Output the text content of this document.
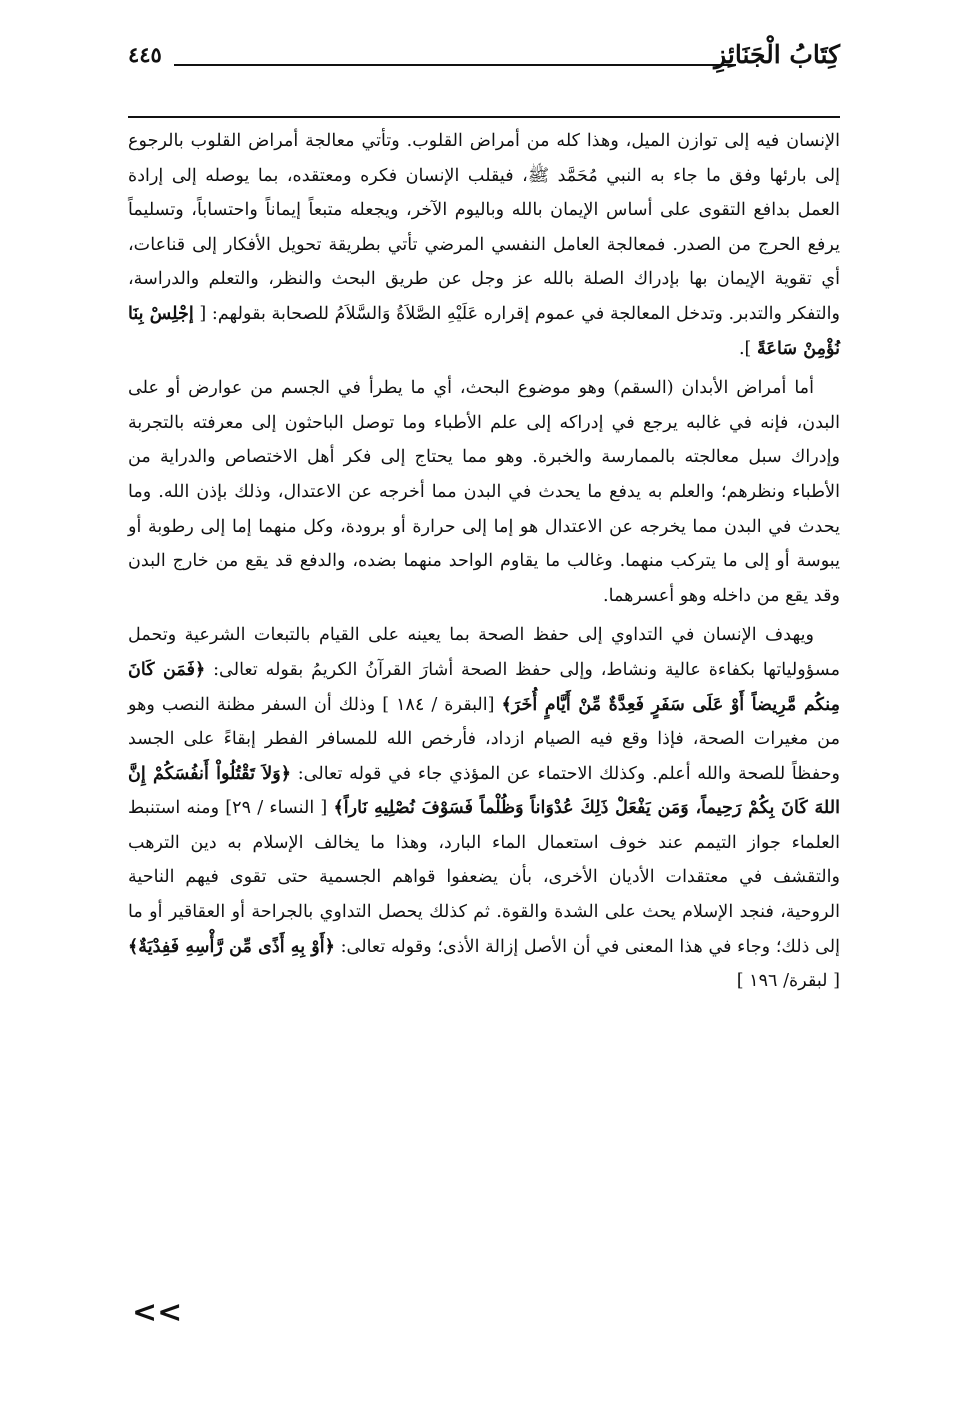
كِتَابُ الْجَنَائِزِ
٤٤٥

الإنسان فيه إلى توازن الميل، وهذا كله من أمراض القلوب. وتأتي معالجة أمراض القلوب بالرجوع إلى بارئها وفق ما جاء به النبي مُحَمَّد ﷺ، فيقلب الإنسان فكره ومعتقده، بما يوصله إلى إرادة العمل بدافع التقوى على أساس الإيمان بالله وباليوم الآخر، ويجعله متبعاً إيماناً واحتساباً، وتسليماً يرفع الحرج من الصدر. فمعالجة العامل النفسي المرضي تأتي بطريقة تحويل الأفكار إلى قناعات، أي تقوية الإيمان بها بإدراك الصلة بالله عز وجل عن طريق البحث والنظر، والتعلم والدراسة، والتفكر والتدبر. وتدخل المعالجة في عموم إقراره عَلَيْهِ الصَّلاَةُ وَالسَّلاَمُ للصحابة بقولهم: [ إجْلِسْ بِنَا نُؤْمِنْ سَاعَةً ].

أما أمراض الأبدان (السقم) وهو موضوع البحث، أي ما يطرأ في الجسم من عوارض أو على البدن، فإنه في غالبه يرجع في إدراكه إلى علم الأطباء وما توصل الباحثون إلى معرفته بالتجربة وإدراك سبل معالجته بالممارسة والخبرة. وهو مما يحتاج إلى فكر أهل الاختصاص والدراية من الأطباء ونظرهم؛ والعلم به يدفع ما يحدث في البدن مما أخرجه عن الاعتدال، وذلك بإذن الله. وما يحدث في البدن مما يخرجه عن الاعتدال هو إما إلى حرارة أو برودة، وكل منهما إما إلى رطوبة أو يبوسة أو إلى ما يتركب منهما. وغالب ما يقاوم الواحد منهما بضده، والدفع قد يقع من خارج البدن وقد يقع من داخله وهو أعسرهما.

ويهدف الإنسان في التداوي إلى حفظ الصحة بما يعينه على القيام بالتبعات الشرعية وتحمل مسؤولياتها بكفاءة عالية ونشاط، وإلى حفظ الصحة أشارَ القرآنُ الكريمُ بقوله تعالى: ﴿فَمَن كَانَ مِنكُم مَّرِيضاً أَوْ عَلَى سَفَرٍ فَعِدَّةٌ مِّنْ أَيَّامٍ أُخَرَ﴾ [البقرة / ١٨٤ ] وذلك أن السفر مظنة النصب وهو من مغيرات الصحة، فإذا وقع فيه الصيام ازداد، فأرخص الله للمسافر الفطر إبقاءً على الجسد وحفظاً للصحة والله أعلم. وكذلك الاحتماء عن المؤذي جاء في قوله تعالى: ﴿وَلاَ تَقْتُلُواْ أَنفُسَكُمْ إِنَّ اللهَ كَانَ بِكُمْ رَحِيماً، وَمَن يَفْعَلْ ذَلِكَ عُدْوَاناً وَظُلْماً فَسَوْفَ نُصْلِيهِ نَاراً﴾ [ النساء / ٢٩] ومنه استنبط العلماء جواز التيمم عند خوف استعمال الماء البارد، وهذا ما يخالف الإسلام به دين الترهب والتقشف في معتقدات الأديان الأخرى، بأن يضعفوا قواهم الجسمية حتى تقوى فيهم الناحية الروحية، فنجد الإسلام يحث على الشدة والقوة. ثم كذلك يحصل التداوي بالجراحة أو العقاقير أو ما إلى ذلك؛ وجاء في هذا المعنى في أن الأصل إزالة الأذى؛ وقوله تعالى: ﴿أَوْ بِهِ أَذًى مِّن رَّأْسِهِ فَفِدْيَةٌ﴾ [ لبقرة/ ١٩٦ ]

<<
